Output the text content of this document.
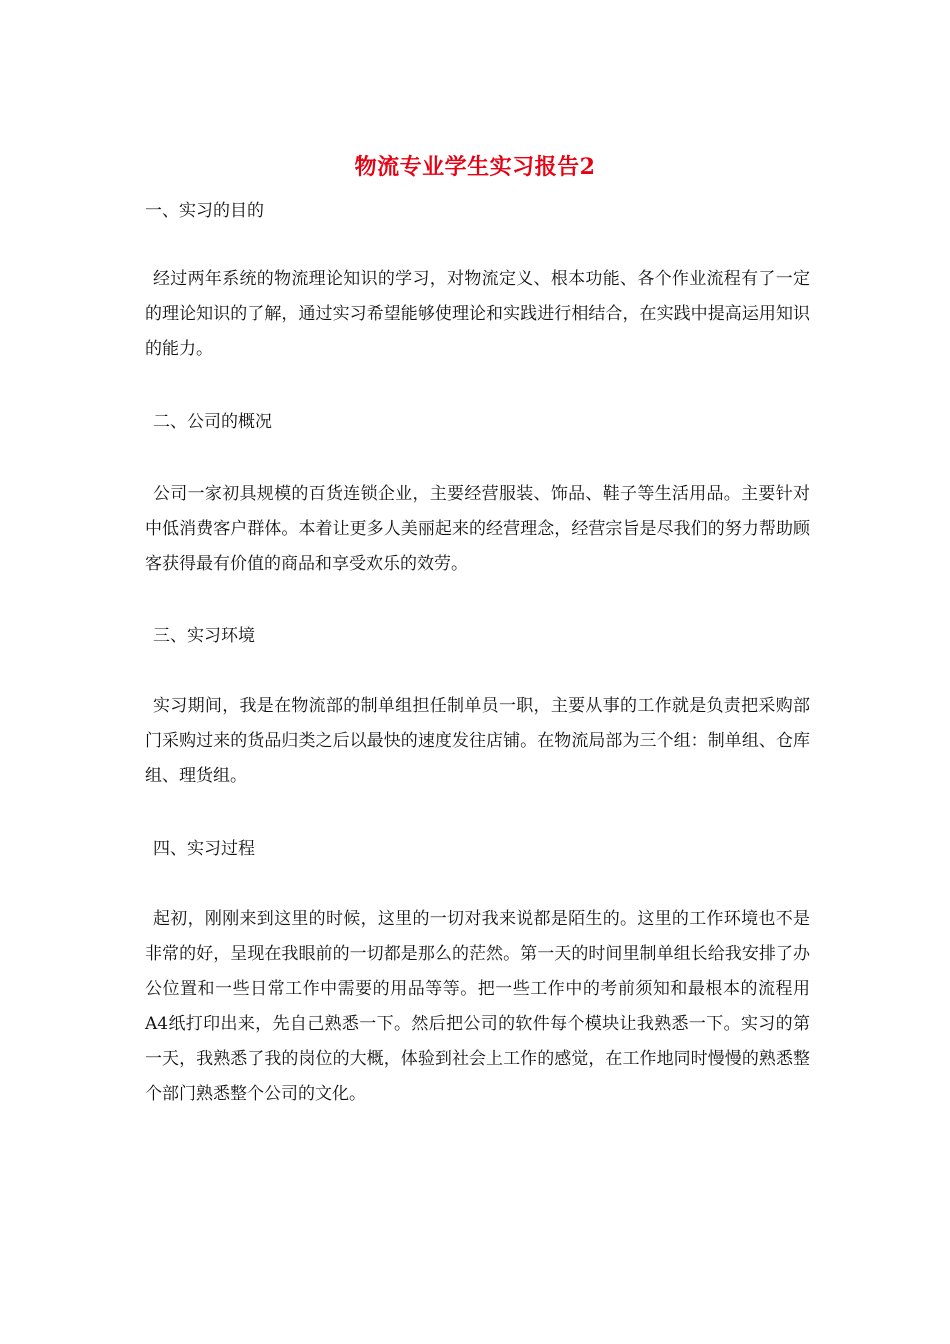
物流专业学生实习报告2
一、实习的目的
经过两年系统的物流理论知识的学习，对物流定义、根本功能、各个作业流程有了一定的理论知识的了解，通过实习希望能够使理论和实践进行相结合，在实践中提高运用知识的能力。
二、公司的概况
公司一家初具规模的百货连锁企业，主要经营服装、饰品、鞋子等生活用品。主要针对中低消费客户群体。本着让更多人美丽起来的经营理念，经营宗旨是尽我们的努力帮助顾客获得最有价值的商品和享受欢乐的效劳。
三、实习环境
实习期间，我是在物流部的制单组担任制单员一职，主要从事的工作就是负责把采购部门采购过来的货品归类之后以最快的速度发往店铺。在物流局部为三个组：制单组、仓库组、理货组。
四、实习过程
起初，刚刚来到这里的时候，这里的一切对我来说都是陌生的。这里的工作环境也不是非常的好，呈现在我眼前的一切都是那么的茫然。第一天的时间里制单组长给我安排了办公位置和一些日常工作中需要的用品等等。把一些工作中的考前须知和最根本的流程用A4纸打印出来，先自己熟悉一下。然后把公司的软件每个模块让我熟悉一下。实习的第一天，我熟悉了我的岗位的大概，体验到社会上工作的感觉，在工作地同时慢慢的熟悉整个部门熟悉整个公司的文化。
